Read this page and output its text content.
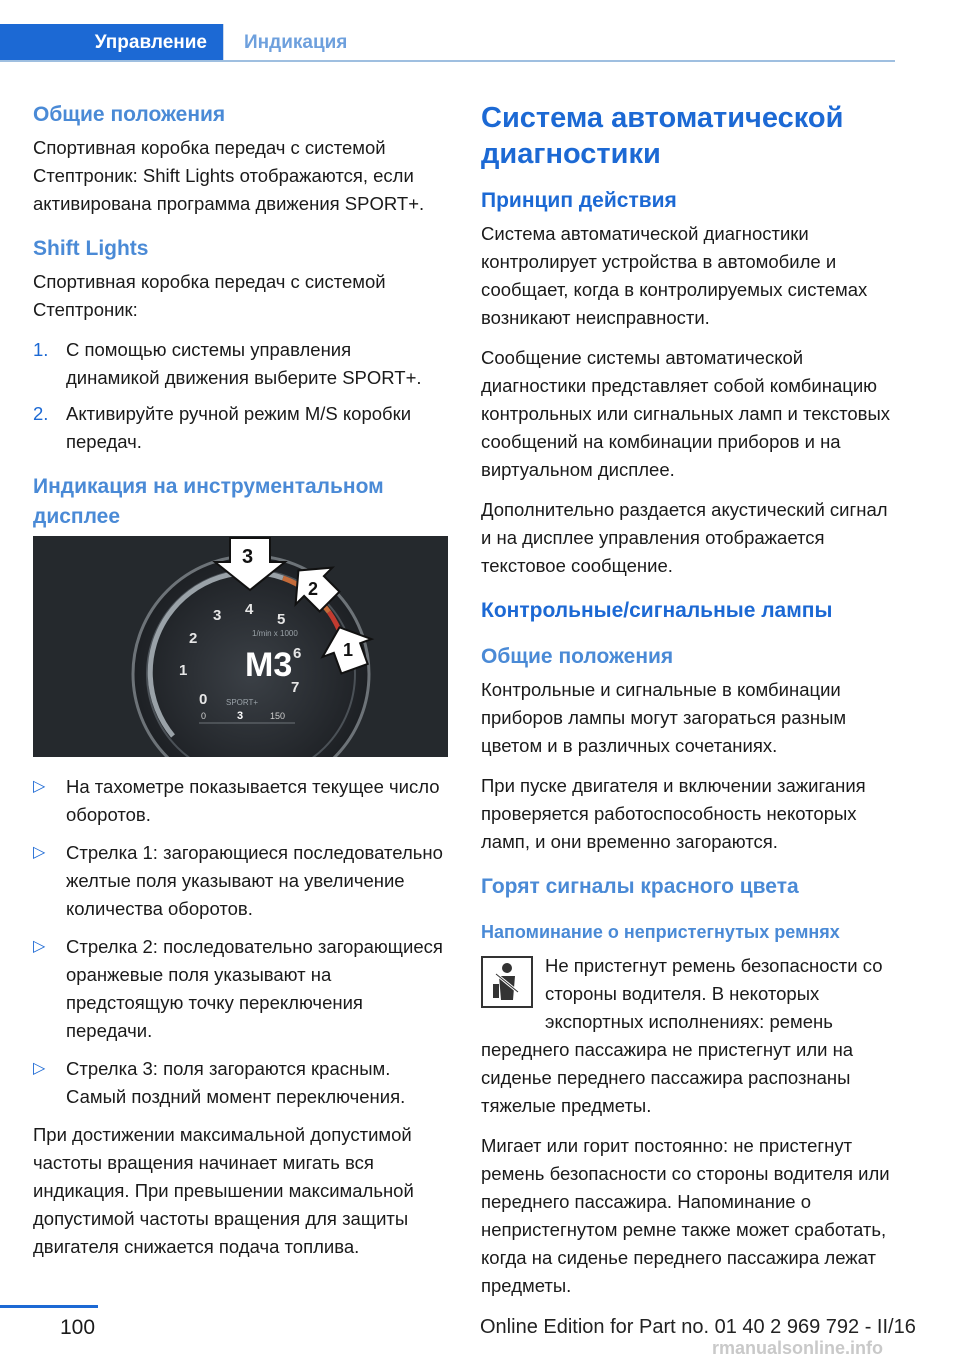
Управление	Индикация
Общие положения

Спортивная коробка передач с системой Стептроник: Shift Lights отображаются, если активирована программа движения SPORT+.

Shift Lights

Спортивная коробка передач с системой Стептроник:

1. С помощью системы управления динамикой движения выберите SPORT+.
2. Активируйте ручной режим M/S коробки передач.
Индикация на инструментальном дисплее
0
1
2
3 4
5
6
7
1/min x 1000
M3
SPORT+
0	3	150
3
2
1
▷ На тахометре показывается текущее число оборотов.
▷ Стрелка 1: загорающиеся последовательно желтые поля указывают на увеличение количества оборотов.
▷ Стрелка 2: последовательно загорающиеся оранжевые поля указывают на предстоящую точку переключения передачи.
▷ Стрелка 3: поля загораются красным. Самый поздний момент переключения.

При достижении максимальной допустимой частоты вращения начинает мигать вся индикация. При превышении максимальной допустимой частоты вращения для защиты двигателя снижается подача топлива.

Система автоматической диагностики
Принцип действия

Система автоматической диагностики контролирует устройства в автомобиле и сообщает, когда в контролируемых системах возникают неисправности.

Сообщение системы автоматической диагностики представляет собой комбинацию контрольных или сигнальных ламп и текстовых сообщений на комбинации приборов и на виртуальном дисплее.

Дополнительно раздается акустический сигнал и на дисплее управления отображается текстовое сообщение.

Контрольные/сигнальные лампы
Общие положения

Контрольные и сигнальные в комбинации приборов лампы могут загораться разным цветом и в различных сочетаниях.

При пуске двигателя и включении зажигания проверяется работоспособность некоторых ламп, и они временно загораются.

Горят сигналы красного цвета
Напоминание о непристегнутых ремнях

Не пристегнут ремень безопасности со стороны водителя. В некоторых экспортных исполнениях: ремень переднего пассажира не пристегнут или на сиденье переднего пассажира распознаны тяжелые предметы.

Мигает или горит постоянно: не пристегнут ремень безопасности со стороны водителя или переднего пассажира. Напоминание о непристегнутом ремне также может сработать, когда на сиденье переднего пассажира лежат предметы.

100	Online Edition for Part no. 01 40 2 969 792 - II/16
rmanualsonline.info
